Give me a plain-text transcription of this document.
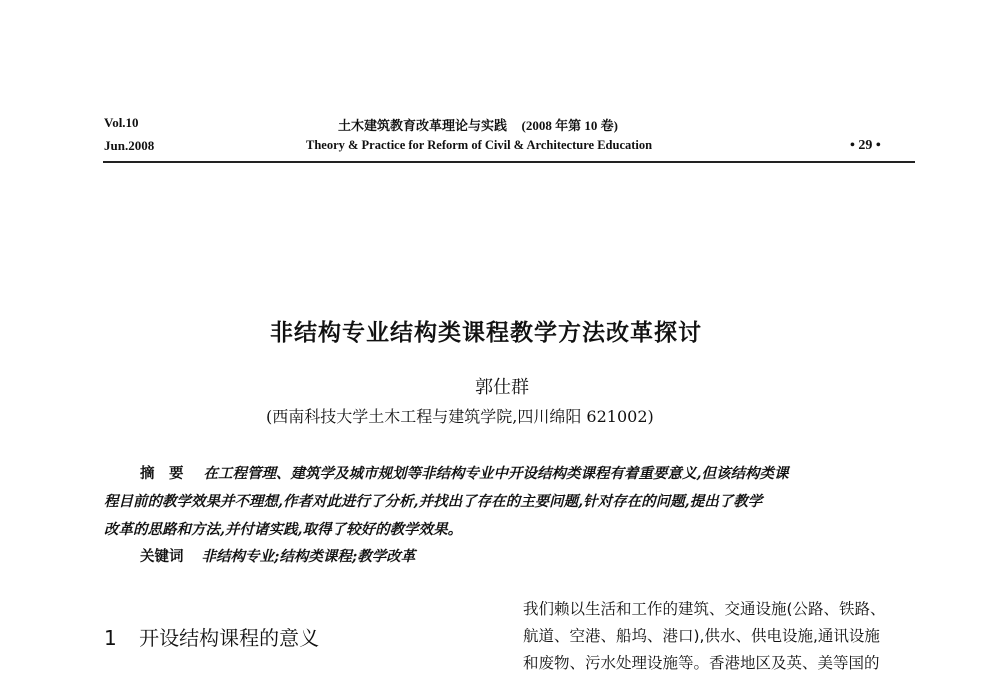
Vol.10
Jun.2008
土木建筑教育改革理论与实践 (2008 年第 10 卷)
Theory & Practice for Reform of Civil & Architecture Education	• 29 •
非结构专业结构类课程教学方法改革探讨
郭仕群
(西南科技大学土木工程与建筑学院,四川绵阳 621002)
摘　要 在工程管理、建筑学及城市规划等非结构专业中开设结构类课程有着重要意义,但该结构类课
程目前的教学效果并不理想,作者对此进行了分析,并找出了存在的主要问题,针对存在的问题,提出了教学
改革的思路和方法,并付诸实践,取得了较好的教学效果。
关键词 非结构专业;结构类课程;教学改革
1 开设结构课程的意义
我们赖以生活和工作的建筑、交通设施(公路、铁路、
航道、空港、船坞、港口),供水、供电设施,通讯设施
和废物、污水处理设施等。香港地区及英、美等国的
